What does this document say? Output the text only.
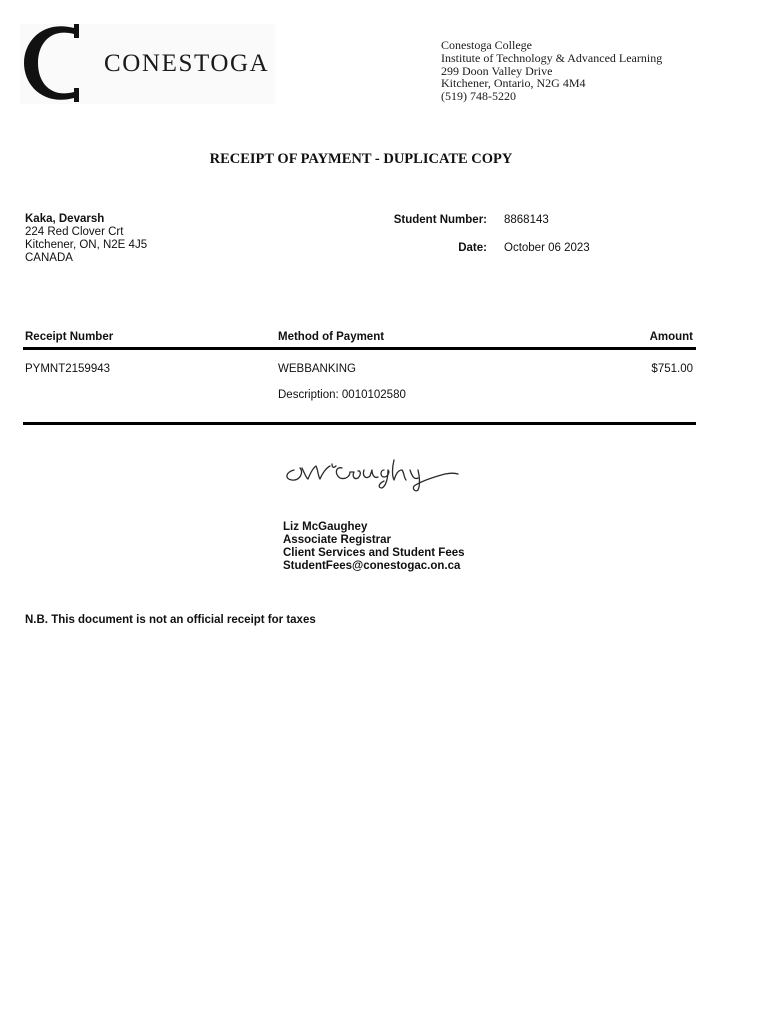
CONESTOGA
Conestoga College
Institute of Technology & Advanced Learning
299 Doon Valley Drive
Kitchener, Ontario, N2G 4M4
(519) 748-5220
RECEIPT OF PAYMENT - DUPLICATE COPY
Kaka, Devarsh
224 Red Clover Crt
Kitchener, ON, N2E 4J5
CANADA
Student Number: 8868143
Date: October 06 2023
Receipt Number	Method of Payment	Amount
PYMNT2159943	WEBBANKING	$751.00
Description: 0010102580
Liz McGaughey
Associate Registrar
Client Services and Student Fees
StudentFees@conestogac.on.ca
N.B. This document is not an official receipt for taxes
